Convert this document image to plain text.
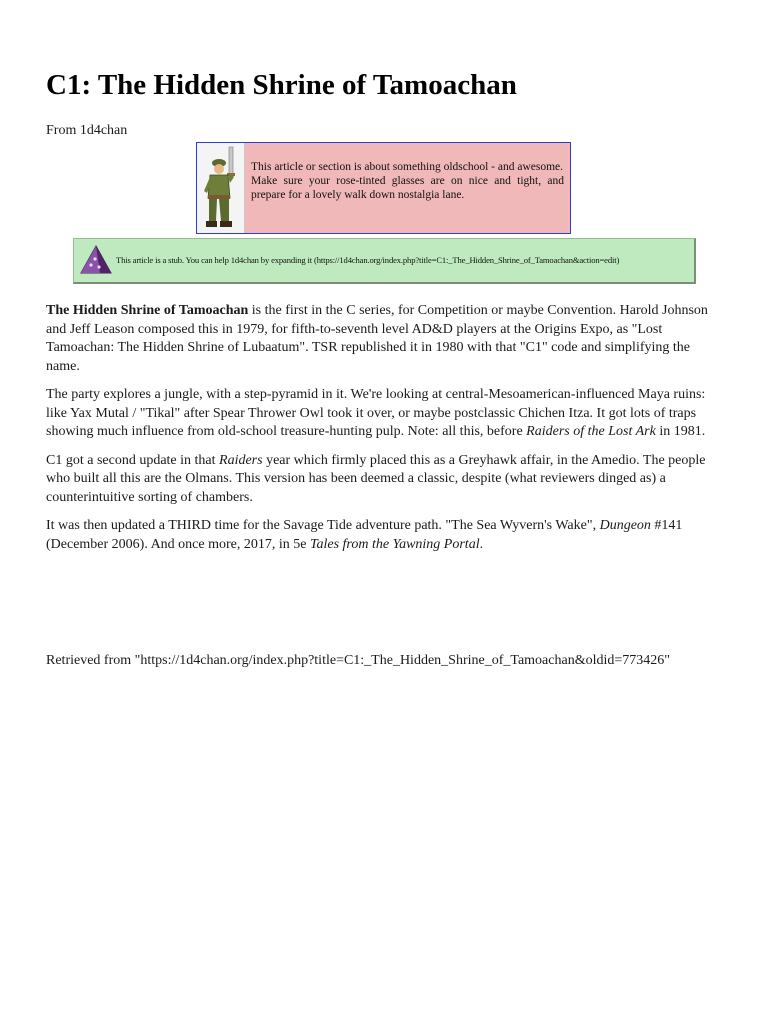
C1: The Hidden Shrine of Tamoachan
From 1d4chan

This article or section is about something oldschool - and awesome.

Make sure your rose-tinted glasses are on nice and tight, and prepare for a lovely walk down nostalgia lane.

This article is a stub. You can help 1d4chan by expanding it (https://1d4chan.org/index.php?title=C1:_The_Hidden_Shrine_of_Tamoachan&action=edit)

The Hidden Shrine of Tamoachan is the first in the C series, for Competition or maybe Convention. Harold Johnson and Jeff Leason composed this in 1979, for fifth-to-seventh level AD&D players at the Origins Expo, as "Lost Tamoachan: The Hidden Shrine of Lubaatum". TSR republished it in 1980 with that "C1" code and simplifying the name.

The party explores a jungle, with a step-pyramid in it. We're looking at central-Mesoamerican-influenced Maya ruins: like Yax Mutal / "Tikal" after Spear Thrower Owl took it over, or maybe postclassic Chichen Itza. It got lots of traps showing much influence from old-school treasure-hunting pulp. Note: all this, before Raiders of the Lost Ark in 1981.

C1 got a second update in that Raiders year which firmly placed this as a Greyhawk affair, in the Amedio. The people who built all this are the Olmans. This version has been deemed a classic, despite (what reviewers dinged as) a counterintuitive sorting of chambers.

It was then updated a THIRD time for the Savage Tide adventure path. "The Sea Wyvern's Wake", Dungeon #141 (December 2006). And once more, 2017, in 5e Tales from the Yawning Portal.

Retrieved from "https://1d4chan.org/index.php?title=C1:_The_Hidden_Shrine_of_Tamoachan&oldid=773426"
